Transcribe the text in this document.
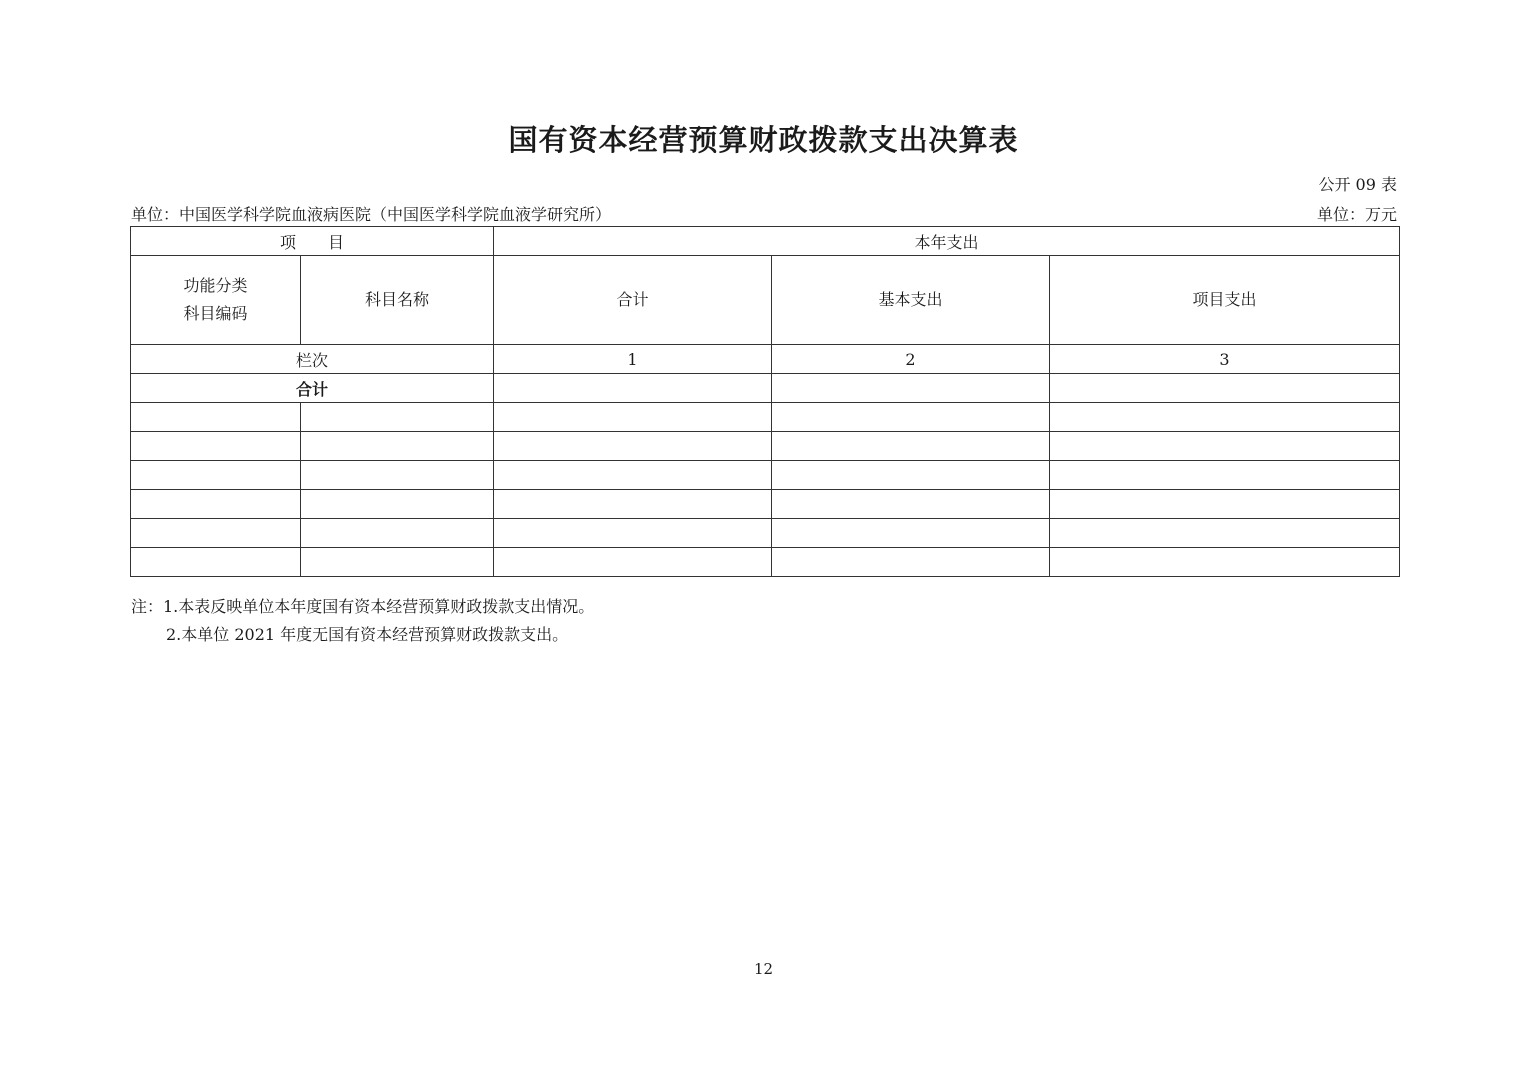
国有资本经营预算财政拨款支出决算表
公开 09 表
单位：中国医学科学院血液病医院（中国医学科学院血液学研究所）	单位：万元
项　　目		本年支出		

功能分类
科目编码	科目名称	合计	基本支出	项目支出
栏次		1	2	3
合计				

注：1.本表反映单位本年度国有资本经营预算财政拨款支出情况。
2.本单位 2021 年度无国有资本经营预算财政拨款支出。
12
